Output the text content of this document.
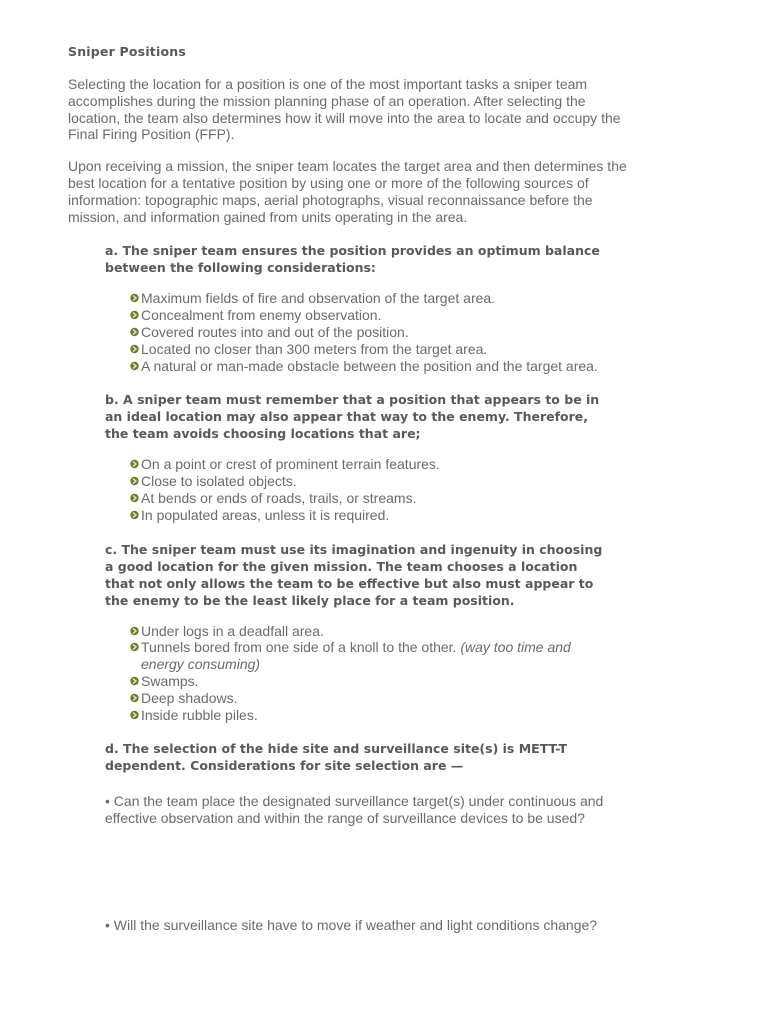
Sniper Positions

Selecting the location for a position is one of the most important tasks a sniper team accomplishes during the mission planning phase of an operation. After selecting the location, the team also determines how it will move into the area to locate and occupy the Final Firing Position (FFP).

Upon receiving a mission, the sniper team locates the target area and then determines the best location for a tentative position by using one or more of the following sources of information: topographic maps, aerial photographs, visual reconnaissance before the mission, and information gained from units operating in the area.

a. The sniper team ensures the position provides an optimum balance between the following considerations:
Maximum fields of fire and observation of the target area.
Concealment from enemy observation.
Covered routes into and out of the position.
Located no closer than 300 meters from the target area.
A natural or man-made obstacle between the position and the target area.
b. A sniper team must remember that a position that appears to be in an ideal location may also appear that way to the enemy. Therefore, the team avoids choosing locations that are;
On a point or crest of prominent terrain features.
Close to isolated objects.
At bends or ends of roads, trails, or streams.
In populated areas, unless it is required.
c. The sniper team must use its imagination and ingenuity in choosing a good location for the given mission. The team chooses a location that not only allows the team to be effective but also must appear to the enemy to be the least likely place for a team position.
Under logs in a deadfall area.
Tunnels bored from one side of a knoll to the other. (way too time and energy consuming)
Swamps.
Deep shadows.
Inside rubble piles.
d. The selection of the hide site and surveillance site(s) is METT-T dependent. Considerations for site selection are —

• Can the team place the designated surveillance target(s) under continuous and effective observation and within the range of surveillance devices to be used?

• Will the surveillance site have to move if weather and light conditions change?
